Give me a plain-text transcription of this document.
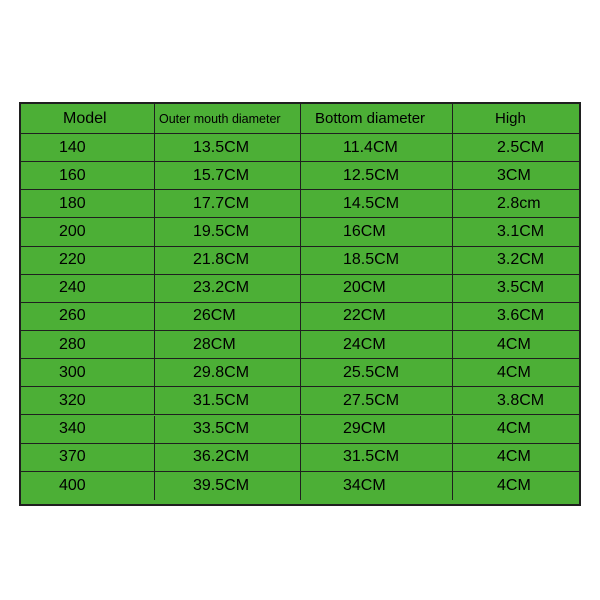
Model	Outer mouth diameter	Bottom diameter	High
140	13.5CM	11.4CM	2.5CM
160	15.7CM	12.5CM	3CM
180	17.7CM	14.5CM	2.8cm
200	19.5CM	16CM	3.1CM
220	21.8CM	18.5CM	3.2CM
240	23.2CM	20CM	3.5CM
260	26CM	22CM	3.6CM
280	28CM	24CM	4CM
300	29.8CM	25.5CM	4CM
320	31.5CM	27.5CM	3.8CM
340	33.5CM	29CM	4CM
370	36.2CM	31.5CM	4CM
400	39.5CM	34CM	4CM
